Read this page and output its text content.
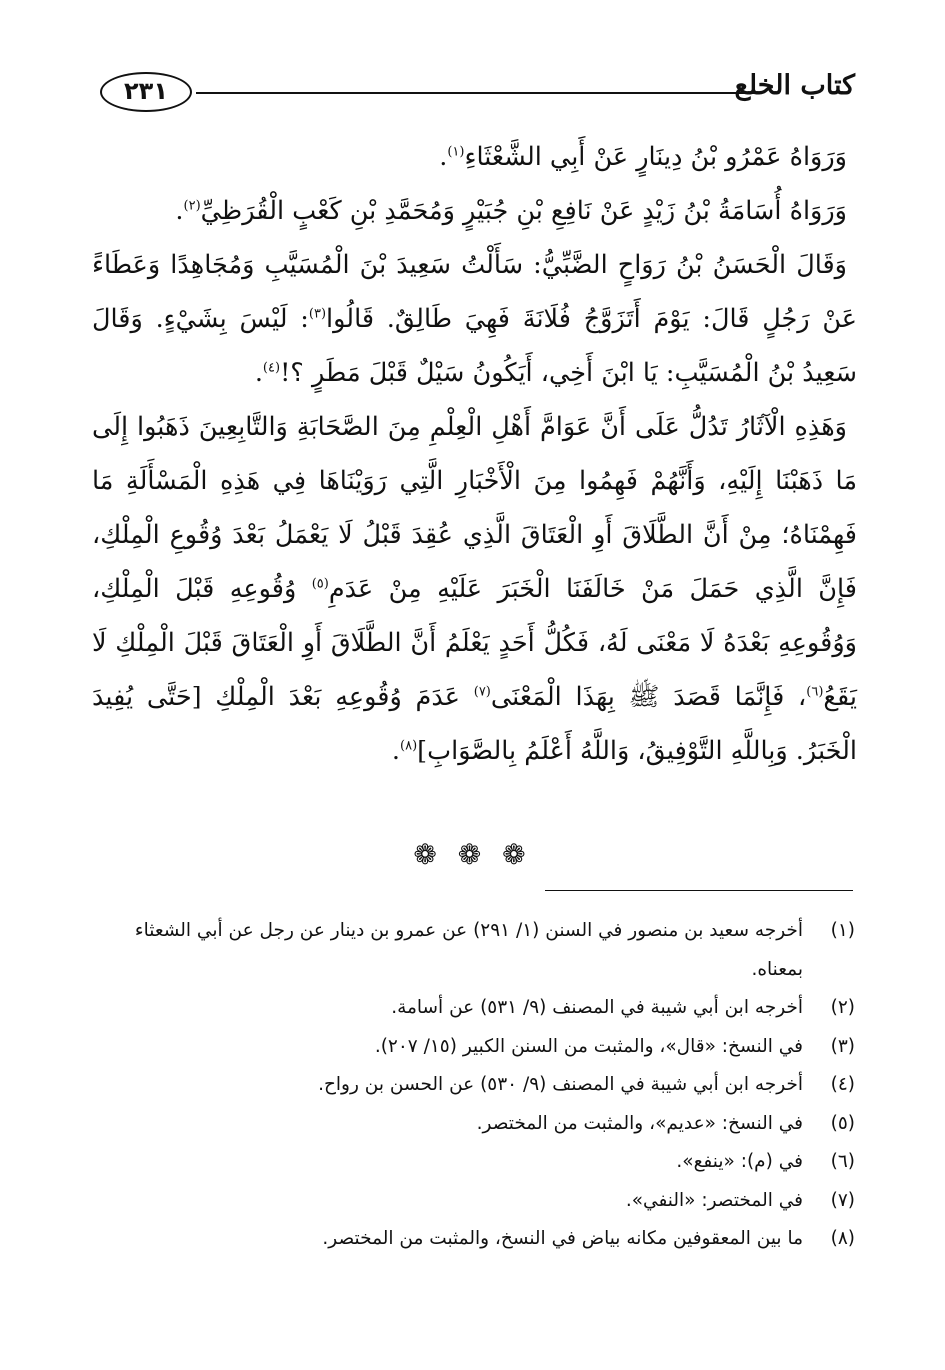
كتاب الخلع
٢٣١

وَرَوَاهُ عَمْرُو بْنُ دِينَارٍ عَنْ أَبِي الشَّعْثَاءِ$^{(١)}$.

وَرَوَاهُ أُسَامَةُ بْنُ زَيْدٍ عَنْ نَافِعِ بْنِ جُبَيْرٍ وَمُحَمَّدِ بْنِ كَعْبٍ الْقُرَظِيِّ$^{(٢)}$.

وَقَالَ الْحَسَنُ بْنُ رَوَاحٍ الضَّبِّيُّ: سَأَلْتُ سَعِيدَ بْنَ الْمُسَيَّبِ وَمُجَاهِدًا وَعَطَاءً عَنْ رَجُلٍ قَالَ: يَوْمَ أَتَزَوَّجُ فُلَانَةَ فَهِيَ طَالِقٌ. قَالُوا$^{(٣)}$: لَيْسَ بِشَيْءٍ. وَقَالَ سَعِيدُ بْنُ الْمُسَيَّبِ: يَا ابْنَ أَخِي، أَيَكُونُ سَيْلٌ قَبْلَ مَطَرٍ ؟!$^{(٤)}$.

وَهَذِهِ الْآثَارُ تَدُلُّ عَلَى أَنَّ عَوَامَّ أَهْلِ الْعِلْمِ مِنَ الصَّحَابَةِ وَالتَّابِعِينَ ذَهَبُوا إِلَى مَا ذَهَبْنَا إِلَيْهِ، وَأَنَّهُمْ فَهِمُوا مِنَ الْأَخْبَارِ الَّتِي رَوَيْنَاهَا فِي هَذِهِ الْمَسْأَلَةِ مَا فَهِمْنَاهُ؛ مِنْ أَنَّ الطَّلَاقَ أَوِ الْعَتَاقَ الَّذِي عُقِدَ قَبْلُ لَا يَعْمَلُ بَعْدَ وُقُوعِ الْمِلْكِ، فَإِنَّ الَّذِي حَمَلَ مَنْ خَالَفَنَا الْخَبَرَ عَلَيْهِ مِنْ عَدَمِ$^{(٥)}$ وُقُوعِهِ قَبْلَ الْمِلْكِ، وَوُقُوعِهِ بَعْدَهُ لَا مَعْنَى لَهُ، فَكُلُّ أَحَدٍ يَعْلَمُ أَنَّ الطَّلَاقَ أَوِ الْعَتَاقَ قَبْلَ الْمِلْكِ لَا يَقَعُ$^{(٦)}$، فَإِنَّمَا قَصَدَ ﷺ بِهَذَا الْمَعْنَى$^{(٧)}$ عَدَمَ وُقُوعِهِ بَعْدَ الْمِلْكِ [حَتَّى يُفِيدَ الْخَبَرُ. وَبِاللَّهِ التَّوْفِيقُ، وَاللَّهُ أَعْلَمُ بِالصَّوَابِ]$^{(٨)}$.

❁ ❁ ❁
(١)
أخرجه سعيد بن منصور في السنن (١/ ٢٩١) عن عمرو بن دينار عن رجل عن أبي الشعثاء بمعناه.
(٢)
أخرجه ابن أبي شيبة في المصنف (٩/ ٥٣١) عن أسامة.
(٣)
في النسخ: «قال»، والمثبت من السنن الكبير (١٥/ ٢٠٧).
(٤)
أخرجه ابن أبي شيبة في المصنف (٩/ ٥٣٠) عن الحسن بن رواح.
(٥)
في النسخ: «عديم»، والمثبت من المختصر.
(٦)
في (م): «ينفع».
(٧)
في المختصر: «النفي».
(٨)
ما بين المعقوفين مكانه بياض في النسخ، والمثبت من المختصر.
